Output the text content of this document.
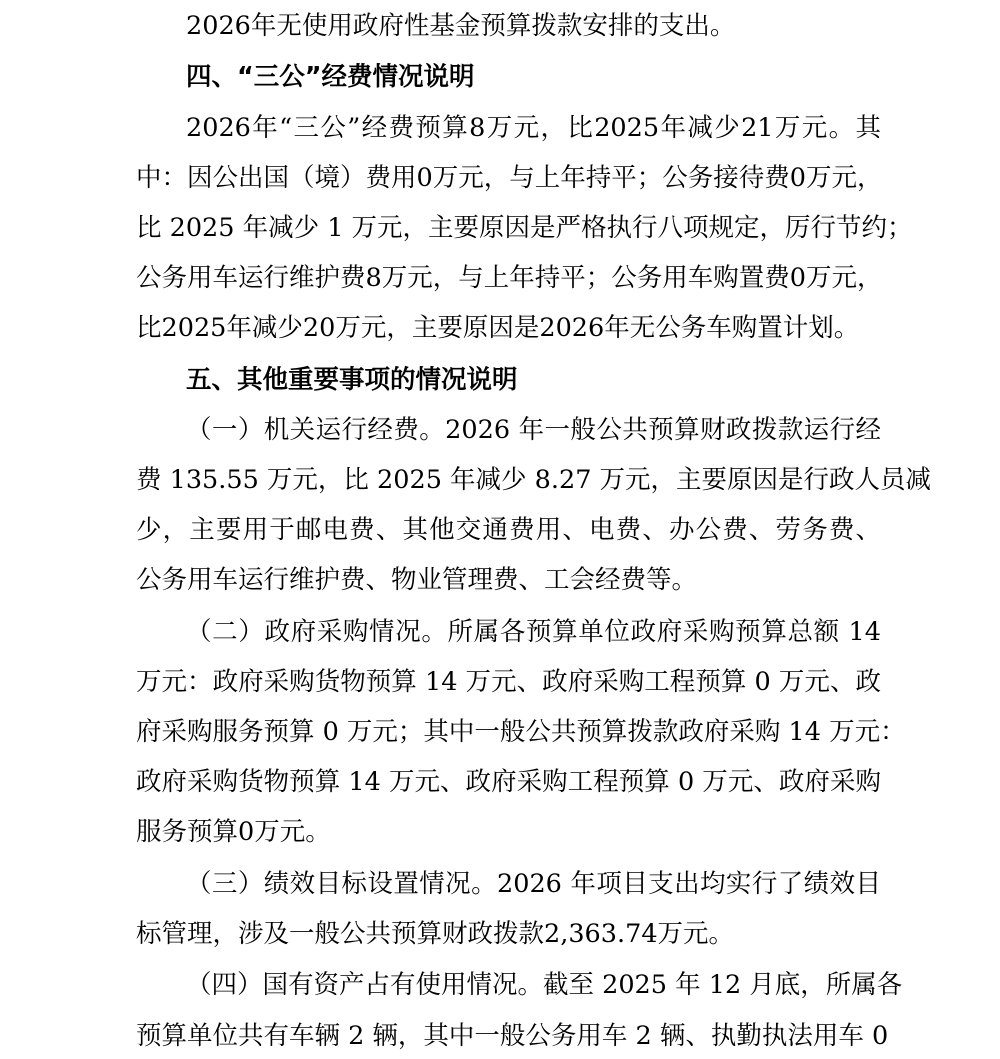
2026年无使用政府性基金预算拨款安排的支出。
四、“三公”经费情况说明
2026年“三公”经费预算8万元，比2025年减少21万元。其
中：因公出国（境）费用0万元，与上年持平；公务接待费0万元，
比 2025 年减少 1 万元，主要原因是严格执行八项规定，厉行节约；
公务用车运行维护费8万元，与上年持平；公务用车购置费0万元，
比2025年减少20万元，主要原因是2026年无公务车购置计划。
五、其他重要事项的情况说明
（一）机关运行经费。2026 年一般公共预算财政拨款运行经
费 135.55 万元，比 2025 年减少 8.27 万元，主要原因是行政人员减
少，主要用于邮电费、其他交通费用、电费、办公费、劳务费、
公务用车运行维护费、物业管理费、工会经费等。
（二）政府采购情况。所属各预算单位政府采购预算总额 14
万元：政府采购货物预算 14 万元、政府采购工程预算 0 万元、政
府采购服务预算 0 万元；其中一般公共预算拨款政府采购 14 万元：
政府采购货物预算 14 万元、政府采购工程预算 0 万元、政府采购
服务预算0万元。
（三）绩效目标设置情况。2026 年项目支出均实行了绩效目
标管理，涉及一般公共预算财政拨款2,363.74万元。
（四）国有资产占有使用情况。截至 2025 年 12 月底，所属各
预算单位共有车辆 2 辆，其中一般公务用车 2 辆、执勤执法用车 0
